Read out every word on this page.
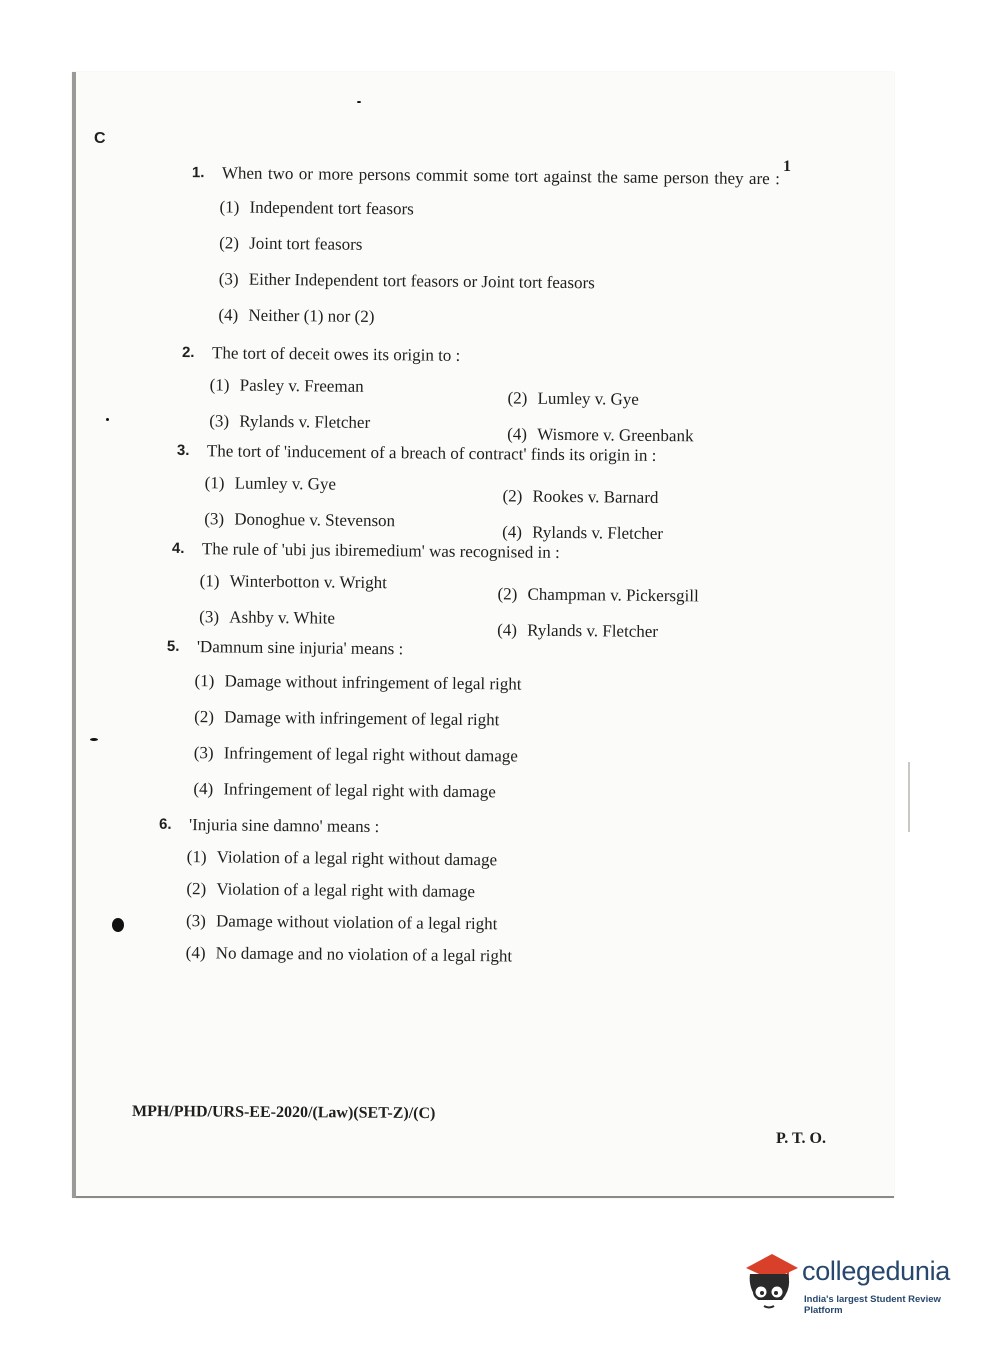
C
1
1. When two or more persons commit some tort against the same person they are :
(1) Independent tort feasors
(2) Joint tort feasors
(3) Either Independent tort feasors or Joint tort feasors
(4) Neither (1) nor (2)
2. The tort of deceit owes its origin to :
(1) Pasley v. Freeman
(2) Lumley v. Gye
(3) Rylands v. Fletcher
(4) Wismore v. Greenbank
3. The tort of 'inducement of a breach of contract' finds its origin in :
(1) Lumley v. Gye
(2) Rookes v. Barnard
(3) Donoghue v. Stevenson
(4) Rylands v. Fletcher
4. The rule of 'ubi jus ibiremedium' was recognised in :
(1) Winterbotton v. Wright
(2) Champman v. Pickersgill
(3) Ashby v. White
(4) Rylands v. Fletcher
5. 'Damnum sine injuria' means :
(1) Damage without infringement of legal right
(2) Damage with infringement of legal right
(3) Infringement of legal right without damage
(4) Infringement of legal right with damage
6. 'Injuria sine damno' means :
(1) Violation of a legal right without damage
(2) Violation of a legal right with damage
(3) Damage without violation of a legal right
(4) No damage and no violation of a legal right
MPH/PHD/URS-EE-2020/(Law)(SET-Z)/(C)
P. T. O.
collegedunia
India's largest Student Review Platform
